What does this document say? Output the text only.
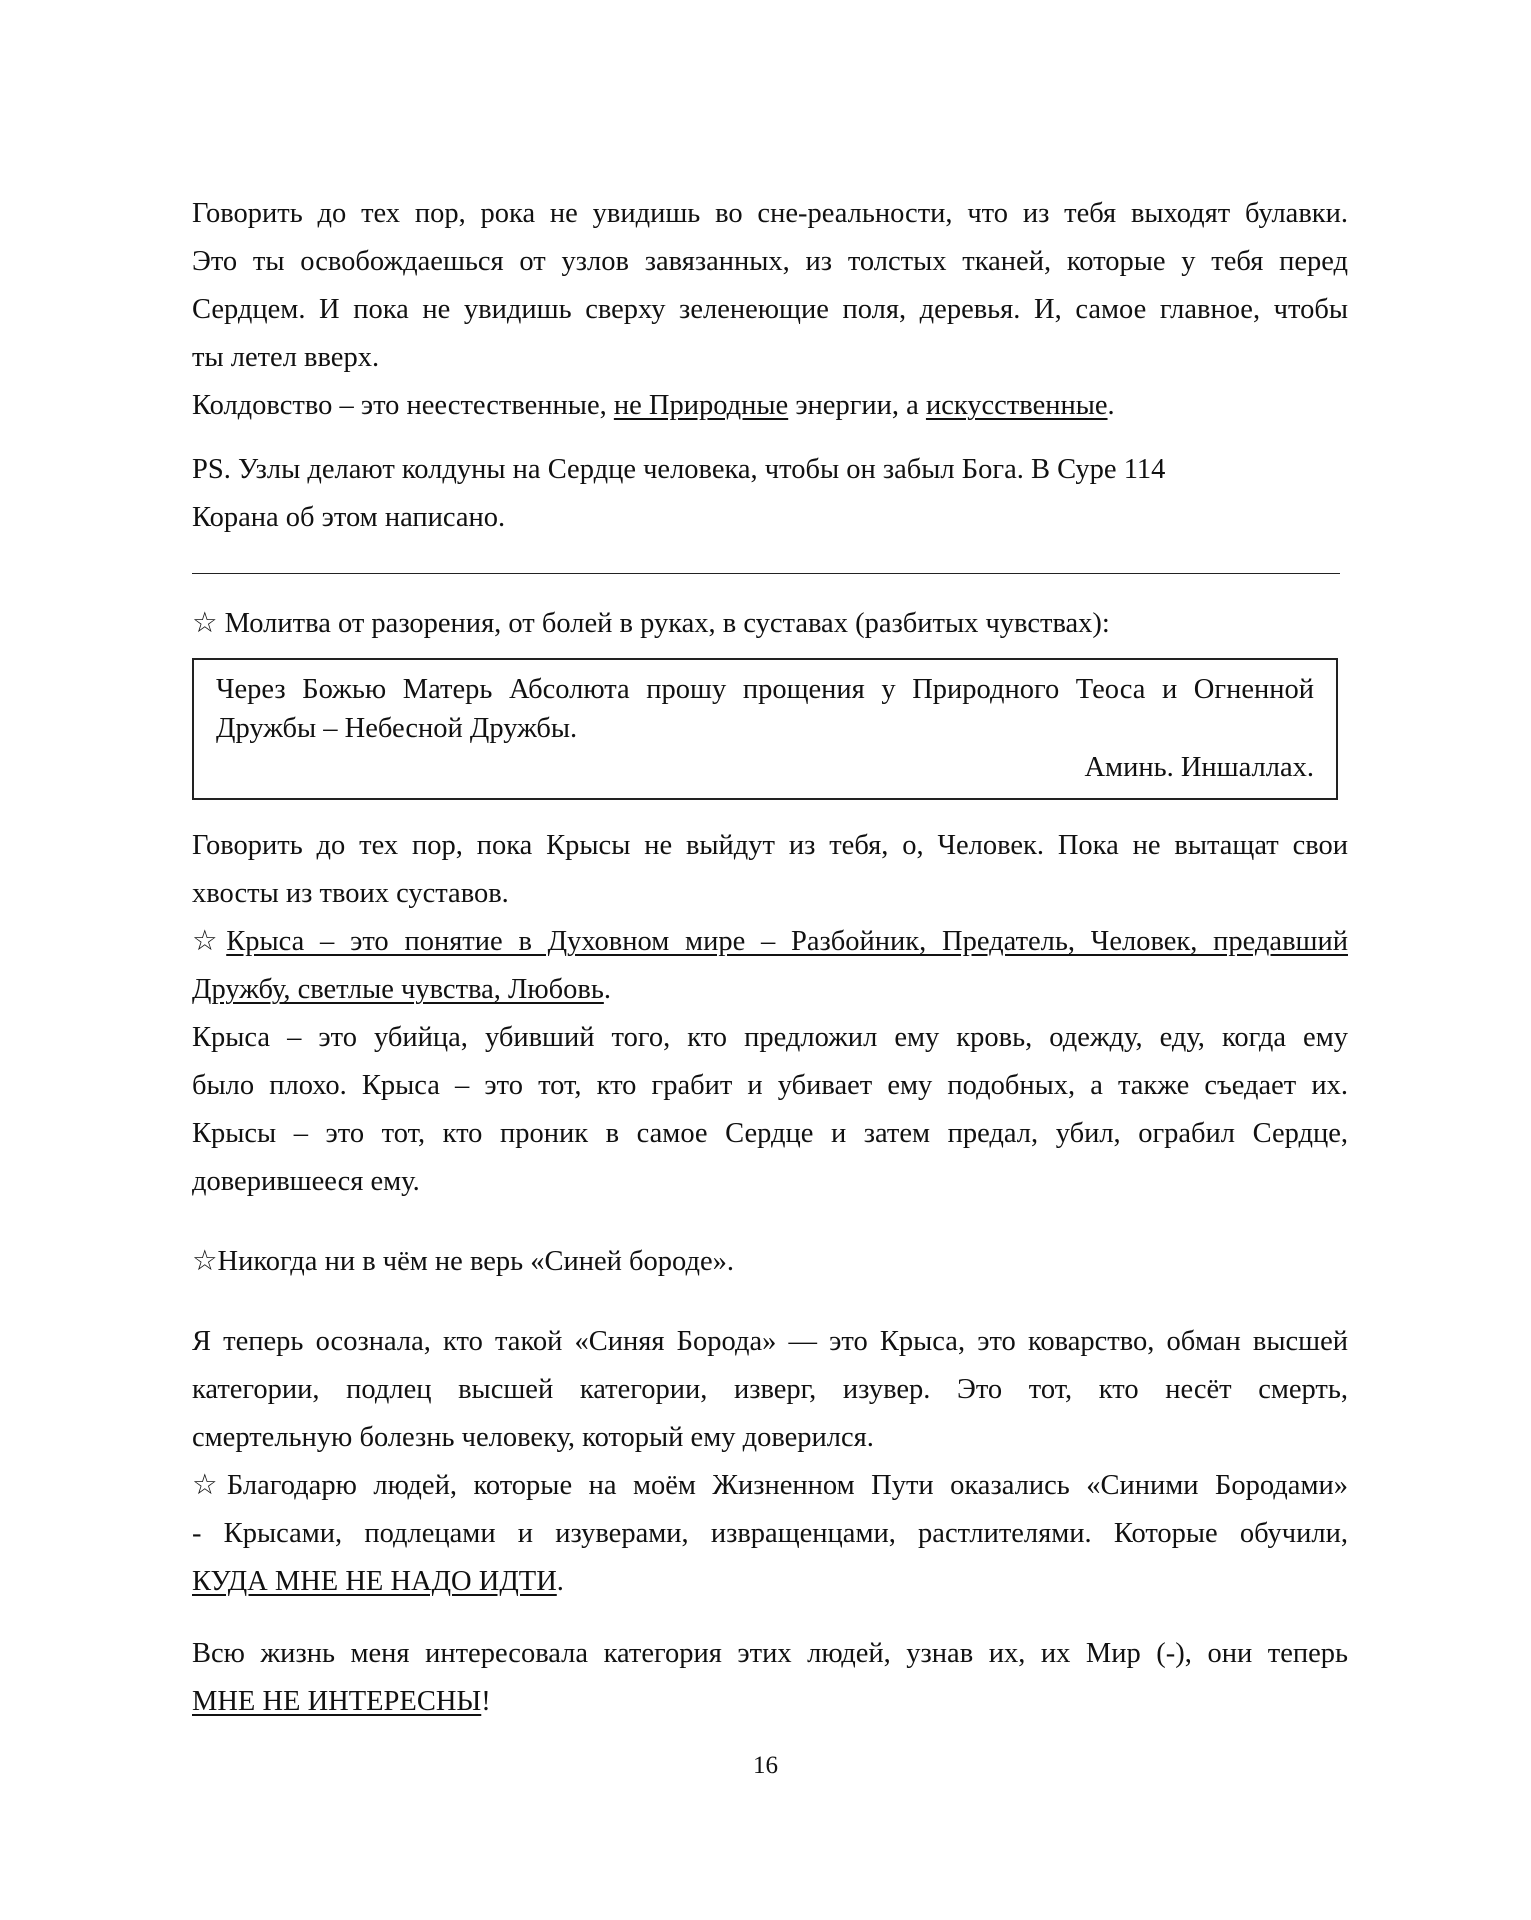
Говорить до тех пор, рока не увидишь во сне-реальности, что из тебя выходят булавки.
Это ты освобождаешься от узлов завязанных, из толстых тканей, которые у тебя перед
Сердцем. И пока не увидишь сверху зеленеющие поля, деревья. И, самое главное, чтобы
ты летел вверх.
Колдовство – это неестественные, не Природные энергии, а искусственные.
PS. Узлы делают колдуны на Сердце человека, чтобы он забыл Бога. В Суре 114
Корана об этом написано.
☆ Молитва от разорения, от болей в руках, в суставах (разбитых чувствах):
Через Божью Матерь Абсолюта прошу прощения у Природного Теоса и Огненной
Дружбы – Небесной Дружбы.
Аминь. Иншаллах.
Говорить до тех пор, пока Крысы не выйдут из тебя, о, Человек. Пока не вытащат свои
хвосты из твоих суставов.
☆Крыса – это понятие в Духовном мире – Разбойник, Предатель, Человек, предавший
Дружбу, светлые чувства, Любовь.
Крыса – это убийца, убивший того, кто предложил ему кровь, одежду, еду, когда ему
было плохо. Крыса – это тот, кто грабит и убивает ему подобных, а также съедает их.
Крысы – это тот, кто проник в самое Сердце и затем предал, убил, ограбил Сердце,
доверившееся ему.
☆Никогда ни в чём не верь «Синей бороде».
Я теперь осознала, кто такой «Синяя Борода» — это Крыса, это коварство, обман высшей
категории, подлец высшей категории, изверг, изувер. Это тот, кто несёт смерть,
смертельную болезнь человеку, который ему доверился.
☆Благодарю людей, которые на моём Жизненном Пути оказались «Синими Бородами»
- Крысами, подлецами и изуверами, извращенцами, растлителями. Которые обучили,
КУДА МНЕ НЕ НАДО ИДТИ.
Всю жизнь меня интересовала категория этих людей, узнав их, их Мир (-), они теперь
МНЕ НЕ ИНТЕРЕСНЫ!
16
